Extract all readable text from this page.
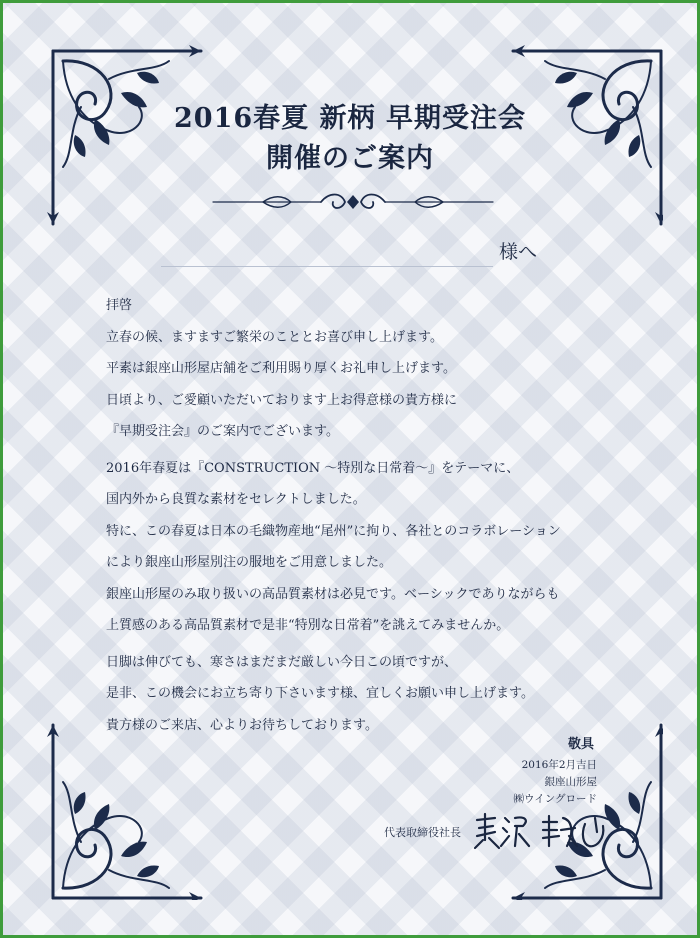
2016春夏 新柄 早期受注会
開催のご案内
様へ
拝啓
立春の候、ますますご繁栄のこととお喜び申し上げます。
平素は銀座山形屋店舗をご利用賜り厚くお礼申し上げます。
日頃より、ご愛顧いただいております上お得意様の貴方様に
『早期受注会』のご案内でございます。
2016年春夏は『CONSTRUCTION ～特別な日常着～』をテーマに、
国内外から良質な素材をセレクトしました。
特に、この春夏は日本の毛織物産地“尾州”に拘り、各社とのコラボレーション
により銀座山形屋別注の服地をご用意しました。
銀座山形屋のみ取り扱いの高品質素材は必見です。ベーシックでありながらも
上質感のある高品質素材で是非“特別な日常着”を誂えてみませんか。
日脚は伸びても、寒さはまだまだ厳しい今日この頃ですが、
是非、この機会にお立ち寄り下さいます様、宜しくお願い申し上げます。
貴方様のご来店、心よりお待ちしております。
敬具
2016年2月吉日
銀座山形屋
㈱ウイングロード
代表取締役社長
